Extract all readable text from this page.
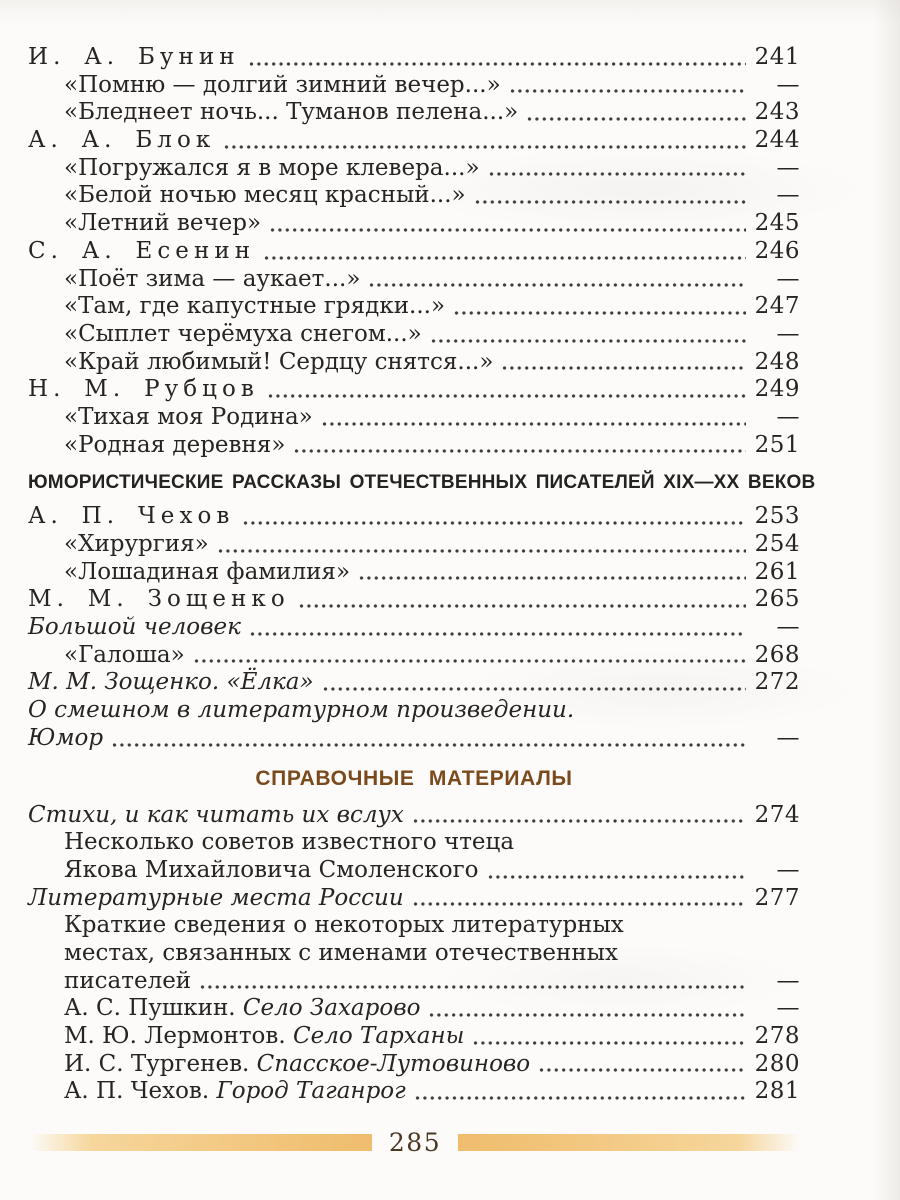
И. А. Бунин	241
«Помню — долгий зимний вечер...»	—
«Бледнеет ночь... Туманов пелена...»	243
А. А. Блок	244
«Погружался я в море клевера...»	—
«Белой ночью месяц красный...»	—
«Летний вечер»	245
С. А. Есенин	246
«Поёт зима — аукает...»	—
«Там, где капустные грядки...»	247
«Сыплет черёмуха снегом...»	—
«Край любимый! Сердцу снятся...»	248
Н. М. Рубцов	249
«Тихая моя Родина»	—
«Родная деревня»	251
ЮМОРИСТИЧЕСКИЕ РАССКАЗЫ ОТЕЧЕСТВЕННЫХ ПИСАТЕЛЕЙ XIX—XX ВЕКОВ
А. П. Чехов	253
«Хирургия»	254
«Лошадиная фамилия»	261
М. М. Зощенко	265
Большой человек	—
«Галоша»	268
М. М. Зощенко. «Ёлка»	272
О смешном в литературном произведении.
Юмор	—
СПРАВОЧНЫЕ МАТЕРИАЛЫ
Стихи, и как читать их вслух	274
Несколько советов известного чтеца
Якова Михайловича Смоленского	—
Литературные места России	277
Краткие сведения о некоторых литературных
местах, связанных с именами отечественных
писателей	—
А. С. Пушкин. Село Захарово	—
М. Ю. Лермонтов. Село Тарханы	278
И. С. Тургенев. Спасское-Лутовиново	280
А. П. Чехов. Город Таганрог	281
285
